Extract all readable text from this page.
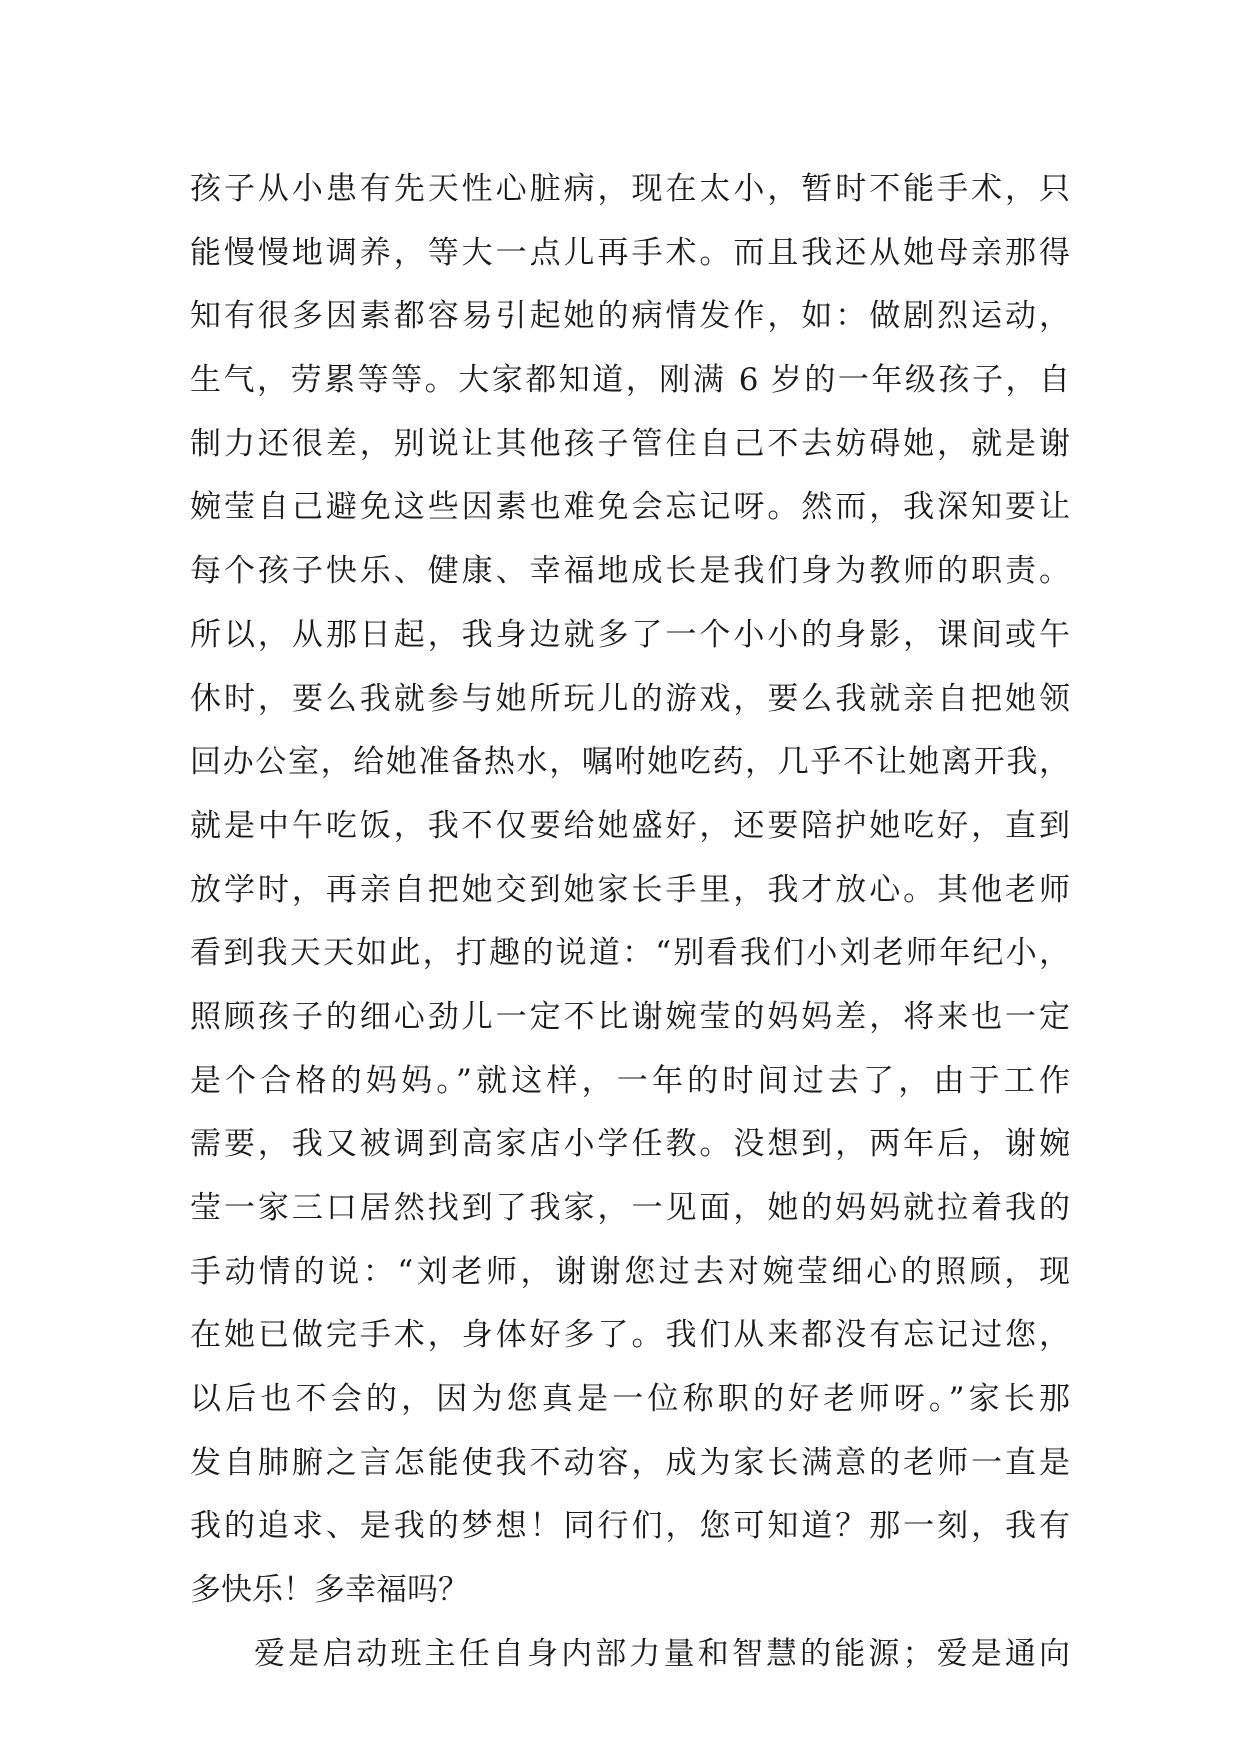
孩子从小患有先天性心脏病，现在太小，暂时不能手术，只
能慢慢地调养，等大一点儿再手术。而且我还从她母亲那得
知有很多因素都容易引起她的病情发作，如：做剧烈运动，
生气，劳累等等。大家都知道，刚满 6 岁的一年级孩子，自
制力还很差，别说让其他孩子管住自己不去妨碍她，就是谢
婉莹自己避免这些因素也难免会忘记呀。然而，我深知要让
每个孩子快乐、健康、幸福地成长是我们身为教师的职责。
所以，从那日起，我身边就多了一个小小的身影，课间或午
休时，要么我就参与她所玩儿的游戏，要么我就亲自把她领
回办公室，给她准备热水，嘱咐她吃药，几乎不让她离开我，
就是中午吃饭，我不仅要给她盛好，还要陪护她吃好，直到
放学时，再亲自把她交到她家长手里，我才放心。其他老师
看到我天天如此，打趣的说道：“别看我们小刘老师年纪小，
照顾孩子的细心劲儿一定不比谢婉莹的妈妈差，将来也一定
是个合格的妈妈。”就这样，一年的时间过去了，由于工作
需要，我又被调到高家店小学任教。没想到，两年后，谢婉
莹一家三口居然找到了我家，一见面，她的妈妈就拉着我的
手动情的说：“刘老师，谢谢您过去对婉莹细心的照顾，现
在她已做完手术，身体好多了。我们从来都没有忘记过您，
以后也不会的，因为您真是一位称职的好老师呀。”家长那
发自肺腑之言怎能使我不动容，成为家长满意的老师一直是
我的追求、是我的梦想！同行们，您可知道？那一刻，我有
多快乐！多幸福吗？
爱是启动班主任自身内部力量和智慧的能源；爱是通向
